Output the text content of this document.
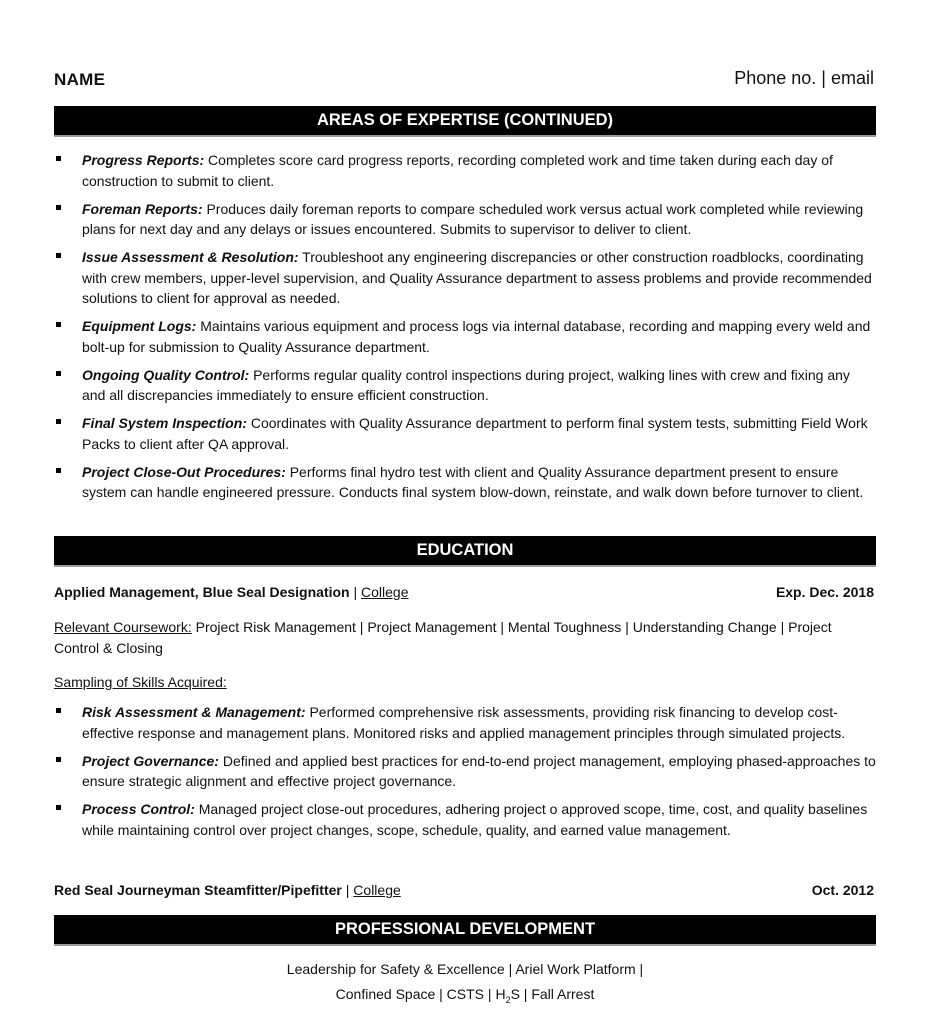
NAME	Phone no. | email
AREAS OF EXPERTISE (CONTINUED)
Progress Reports: Completes score card progress reports, recording completed work and time taken during each day of construction to submit to client.
Foreman Reports: Produces daily foreman reports to compare scheduled work versus actual work completed while reviewing plans for next day and any delays or issues encountered. Submits to supervisor to deliver to client.
Issue Assessment & Resolution: Troubleshoot any engineering discrepancies or other construction roadblocks, coordinating with crew members, upper-level supervision, and Quality Assurance department to assess problems and provide recommended solutions to client for approval as needed.
Equipment Logs: Maintains various equipment and process logs via internal database, recording and mapping every weld and bolt-up for submission to Quality Assurance department.
Ongoing Quality Control: Performs regular quality control inspections during project, walking lines with crew and fixing any and all discrepancies immediately to ensure efficient construction.
Final System Inspection: Coordinates with Quality Assurance department to perform final system tests, submitting Field Work Packs to client after QA approval.
Project Close-Out Procedures: Performs final hydro test with client and Quality Assurance department present to ensure system can handle engineered pressure. Conducts final system blow-down, reinstate, and walk down before turnover to client.
EDUCATION
Applied Management, Blue Seal Designation | College	Exp. Dec. 2018
Relevant Coursework: Project Risk Management | Project Management | Mental Toughness | Understanding Change | Project Control & Closing
Sampling of Skills Acquired:
Risk Assessment & Management: Performed comprehensive risk assessments, providing risk financing to develop cost-effective response and management plans. Monitored risks and applied management principles through simulated projects.
Project Governance: Defined and applied best practices for end-to-end project management, employing phased-approaches to ensure strategic alignment and effective project governance.
Process Control: Managed project close-out procedures, adhering project o approved scope, time, cost, and quality baselines while maintaining control over project changes, scope, schedule, quality, and earned value management.
Red Seal Journeyman Steamfitter/Pipefitter | College	Oct. 2012
PROFESSIONAL DEVELOPMENT
Leadership for Safety & Excellence | Ariel Work Platform |
Confined Space | CSTS | $H_2S$ | Fall Arrest
